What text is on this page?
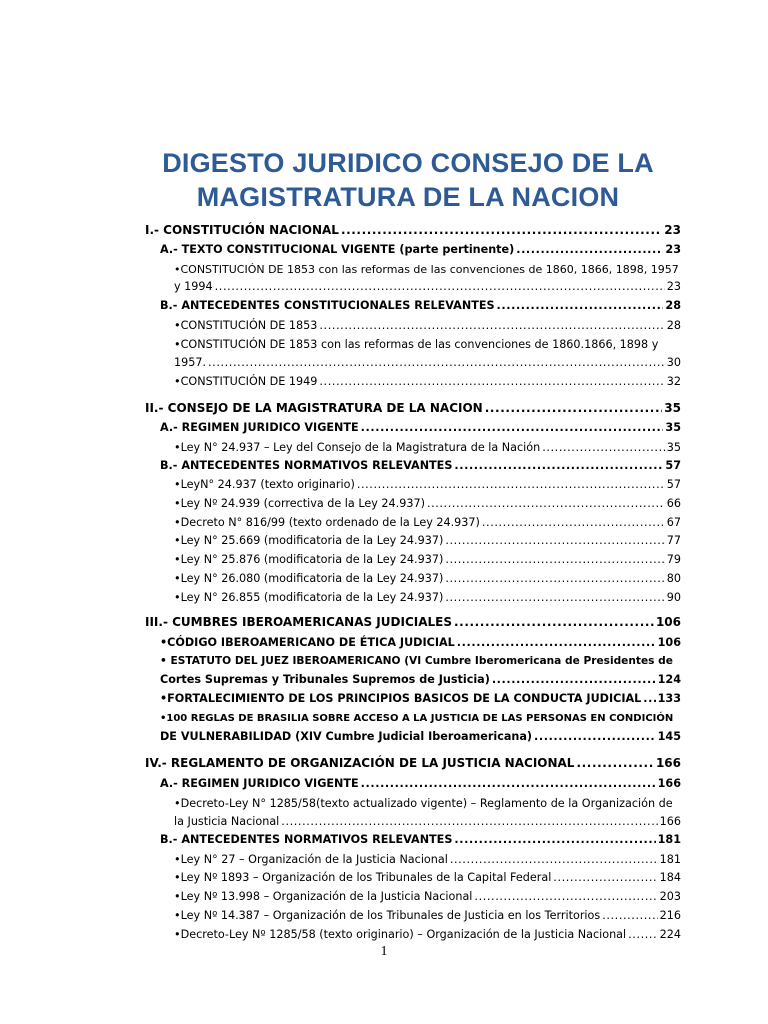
DIGESTO JURIDICO CONSEJO DE LA
MAGISTRATURA DE LA NACION
I.- CONSTITUCIÓN NACIONAL .....	23
A.- TEXTO CONSTITUCIONAL VIGENTE (parte pertinente) .....	23
•CONSTITUCIÓN DE 1853 con las reformas de las convenciones de 1860, 1866, 1898, 1957
y 1994 .....	23
B.- ANTECEDENTES CONSTITUCIONALES RELEVANTES .....	28
•CONSTITUCIÓN DE 1853 .....	28
•CONSTITUCIÓN DE 1853 con las reformas de las convenciones de 1860.1866, 1898 y
1957. .....	30
•CONSTITUCIÓN DE 1949 .....	32
II.- CONSEJO DE LA MAGISTRATURA DE LA NACION .....	35
A.- REGIMEN JURIDICO VIGENTE .....	35
•Ley N° 24.937 – Ley del Consejo de la Magistratura de la Nación .....	35
B.- ANTECEDENTES NORMATIVOS RELEVANTES .....	57
•LeyN° 24.937 (texto originario) .....	57
•Ley Nº 24.939 (correctiva de la Ley 24.937) .....	66
•Decreto N° 816/99 (texto ordenado de la Ley 24.937) .....	67
•Ley N° 25.669 (modificatoria de la Ley 24.937) .....	77
•Ley N° 25.876 (modificatoria de la Ley 24.937) .....	79
•Ley N° 26.080 (modificatoria de la Ley 24.937) .....	80
•Ley N° 26.855 (modificatoria de la Ley 24.937) .....	90
III.- CUMBRES IBEROAMERICANAS JUDICIALES .....	106
•CÓDIGO IBEROAMERICANO DE ÉTICA JUDICIAL .....	106
• ESTATUTO DEL JUEZ IBEROAMERICANO (VI Cumbre Iberomericana de Presidentes de
Cortes Supremas y Tribunales Supremos de Justicia) .....	124
•FORTALECIMIENTO DE LOS PRINCIPIOS BASICOS DE LA CONDUCTA JUDICIAL ..... 133
•100 REGLAS DE BRASILIA SOBRE ACCESO A LA JUSTICIA DE LAS PERSONAS EN CONDICIÓN
DE VULNERABILIDAD (XIV Cumbre Judicial Iberoamericana) .....	145
IV.- REGLAMENTO DE ORGANIZACIÓN DE LA JUSTICIA NACIONAL .....	166
A.- REGIMEN JURIDICO VIGENTE .....	166
•Decreto-Ley N° 1285/58(texto actualizado vigente) – Reglamento de la Organización de
la Justicia Nacional .....	166
B.- ANTECEDENTES NORMATIVOS RELEVANTES .....	181
•Ley N° 27 – Organización de la Justicia Nacional .....	181
•Ley Nº 1893 – Organización de los Tribunales de la Capital Federal .....	184
•Ley Nº 13.998 – Organización de la Justicia Nacional .....	203
•Ley Nº 14.387 – Organización de los Tribunales de Justicia en los Territorios .....	216
•Decreto-Ley Nº 1285/58 (texto originario) – Organización de la Justicia Nacional .....	224
1
